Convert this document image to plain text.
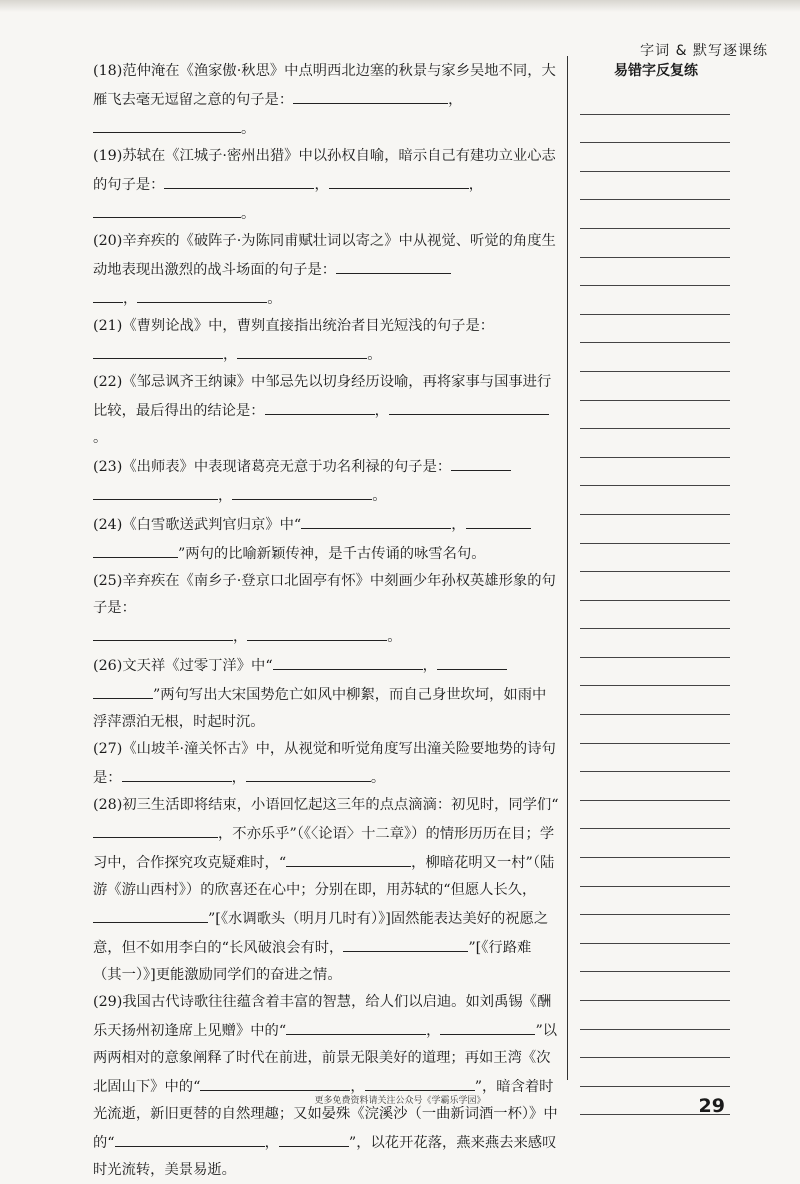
字词 & 默写逐课练

(18)范仲淹在《渔家傲·秋思》中点明西北边塞的秋景与家乡吴地不同，大雁飞去毫无逗留之意的句子是：	，
。

(19)苏轼在《江城子·密州出猎》中以孙权自喻，暗示自己有建功立业心志的句子是：	，	，
。

(20)辛弃疾的《破阵子·为陈同甫赋壮词以寄之》中从视觉、听觉的角度生动地表现出激烈的战斗场面的句子是：
，	。

(21)《曹刿论战》中，曹刿直接指出统治者目光短浅的句子是：
，	。

(22)《邹忌讽齐王纳谏》中邹忌先以切身经历设喻，再将家事与国事进行比较，最后得出的结论是：	，。

(23)《出师表》中表现诸葛亮无意于功名利禄的句子是：
，	。

(24)《白雪歌送武判官归京》中“	，
”两句的比喻新颖传神，是千古传诵的咏雪名句。

(25)辛弃疾在《南乡子·登京口北固亭有怀》中刻画少年孙权英雄形象的句子是：
，	。

(26)文天祥《过零丁洋》中“	，
”两句写出大宋国势危亡如风中柳絮，而自己身世坎坷，如雨中浮萍漂泊无根，时起时沉。

(27)《山坡羊·潼关怀古》中，从视觉和听觉角度写出潼关险要地势的诗句是：	，	。

(28)初三生活即将结束，小语回忆起这三年的点点滴滴：初见时，同学们“，不亦乐乎”（《〈论语〉十二章》）的情形历历在目；学习中，合作探究攻克疑难时，“	，柳暗花明又一村”（陆游《游山西村》）的欣喜还在心中；分别在即，用苏轼的“但愿人长久，”[《水调歌头（明月几时有）》]固然能表达美好的祝愿之意，但不如用李白的“长风破浪会有时，	”[《行路难（其一）》]更能激励同学们的奋进之情。

(29)我国古代诗歌往往蕴含着丰富的智慧，给人们以启迪。如刘禹锡《酬乐天扬州初逢席上见赠》中的“	，	”以两两相对的意象阐释了时代在前进，前景无限美好的道理；再如王湾《次北固山下》中的“	，	”，暗含着时光流逝，新旧更替的自然理趣；又如晏殊《浣溪沙（一曲新词酒一杯）》中的“	，	”，以花开花落，燕来燕去来感叹时光流转，美景易逝。

易错字反复练
更多免费资料请关注公众号《学霸乐学园》	29
